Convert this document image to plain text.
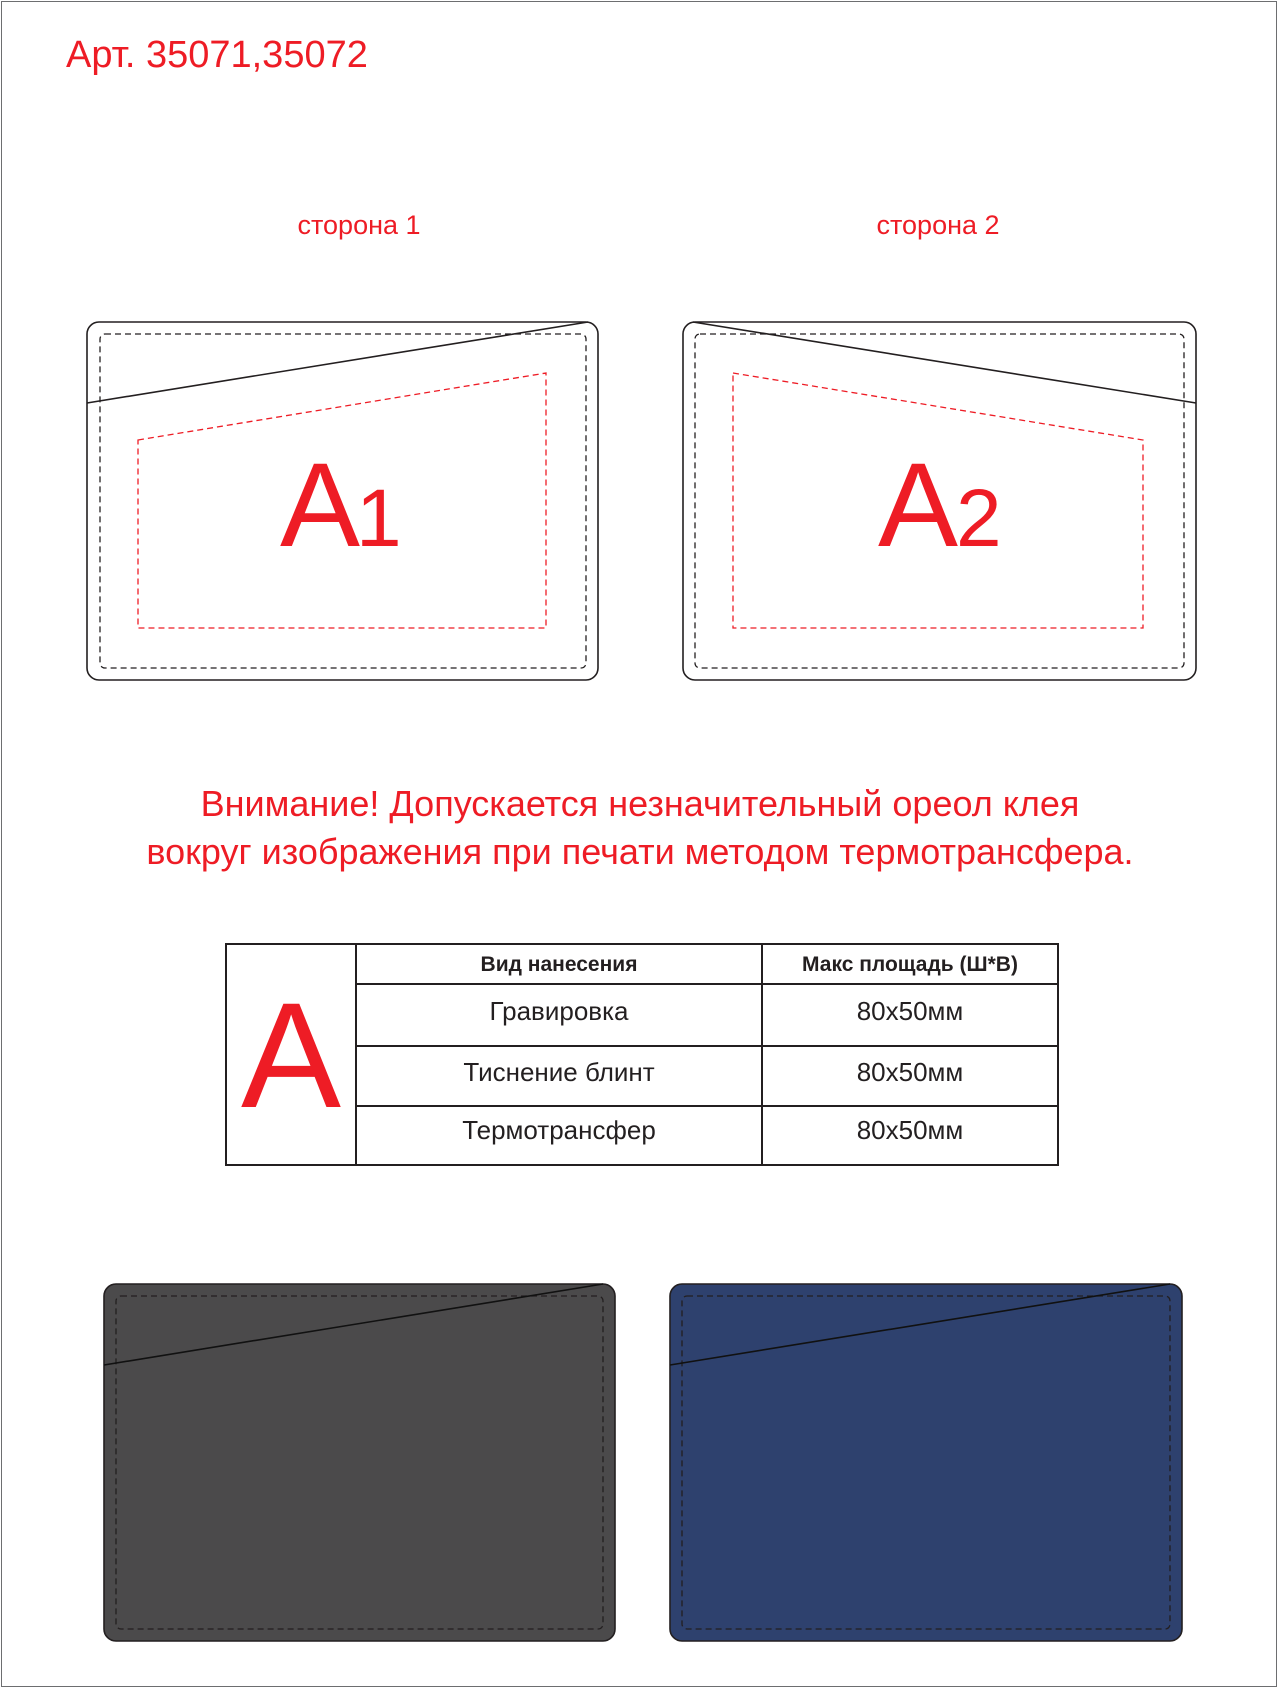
Арт. 35071,35072
сторона 1	сторона 2
А
1	А
2
Внимание! Допускается незначительный ореол клея
вокруг изображения при печати методом термотрансфера.
А
Вид нанесения	Макс площадь (Ш*В)
Гравировка	80x50мм
Тиснение блинт	80x50мм
Термотрансфер	80x50мм
